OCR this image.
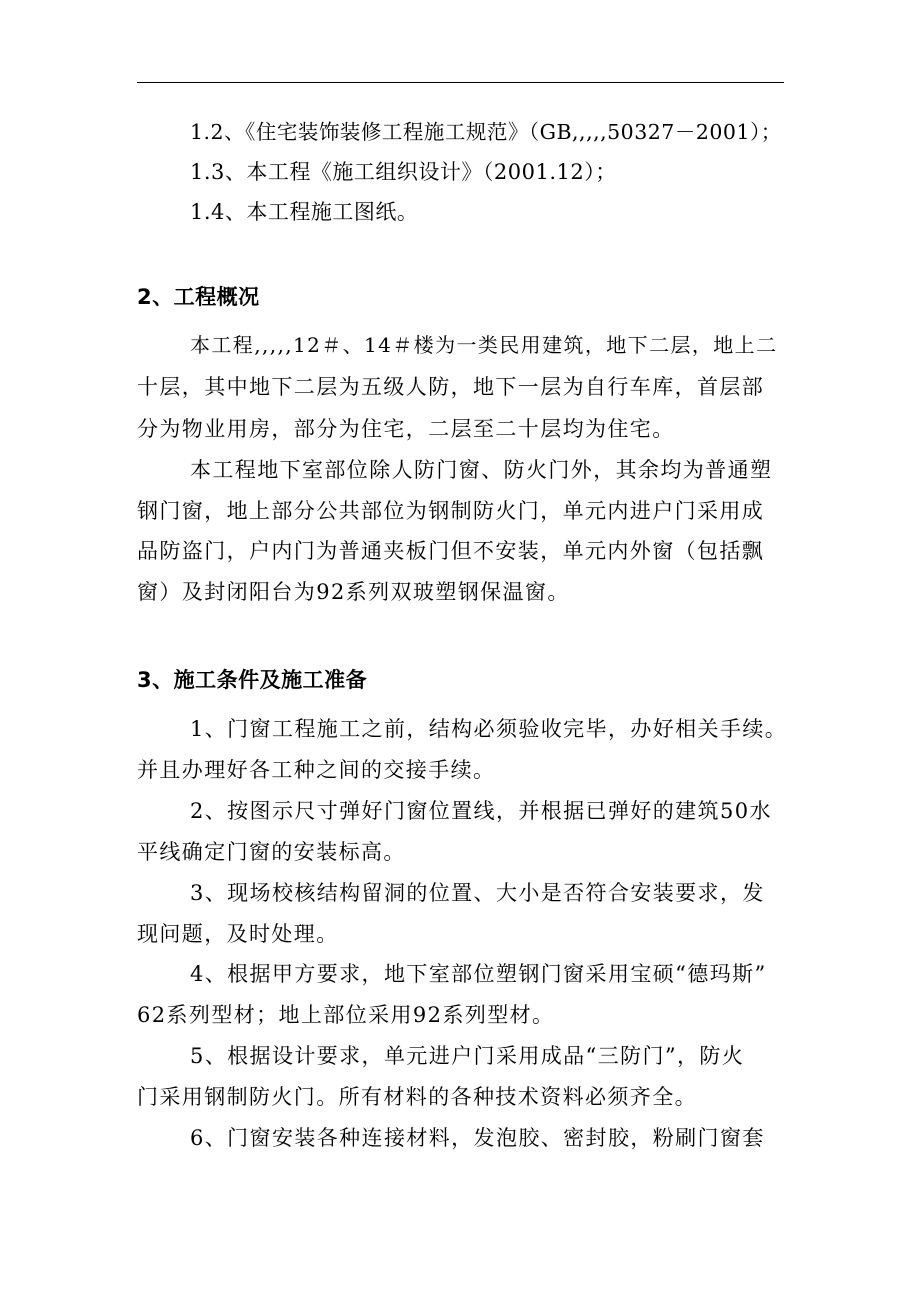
1.2、《住宅装饰装修工程施工规范》（GB,,,,,50327－2001）；
1.3、本工程《施工组织设计》（2001.12）；
1.4、本工程施工图纸。
2、工程概况
本工程,,,,,12＃、14＃楼为一类民用建筑，地下二层，地上二
十层，其中地下二层为五级人防，地下一层为自行车库，首层部
分为物业用房，部分为住宅，二层至二十层均为住宅。
本工程地下室部位除人防门窗、防火门外，其余均为普通塑
钢门窗，地上部分公共部位为钢制防火门，单元内进户门采用成
品防盗门，户内门为普通夹板门但不安装，单元内外窗（包括飘
窗）及封闭阳台为92系列双玻塑钢保温窗。
3、施工条件及施工准备
1、门窗工程施工之前，结构必须验收完毕，办好相关手续。
并且办理好各工种之间的交接手续。
2、按图示尺寸弹好门窗位置线，并根据已弹好的建筑50水
平线确定门窗的安装标高。
3、现场校核结构留洞的位置、大小是否符合安装要求，发
现问题，及时处理。
4、根据甲方要求，地下室部位塑钢门窗采用宝硕“德玛斯”
62系列型材；地上部位采用92系列型材。
5、根据设计要求，单元进户门采用成品“三防门”，防火
门采用钢制防火门。所有材料的各种技术资料必须齐全。
6、门窗安装各种连接材料，发泡胶、密封胶，粉刷门窗套
